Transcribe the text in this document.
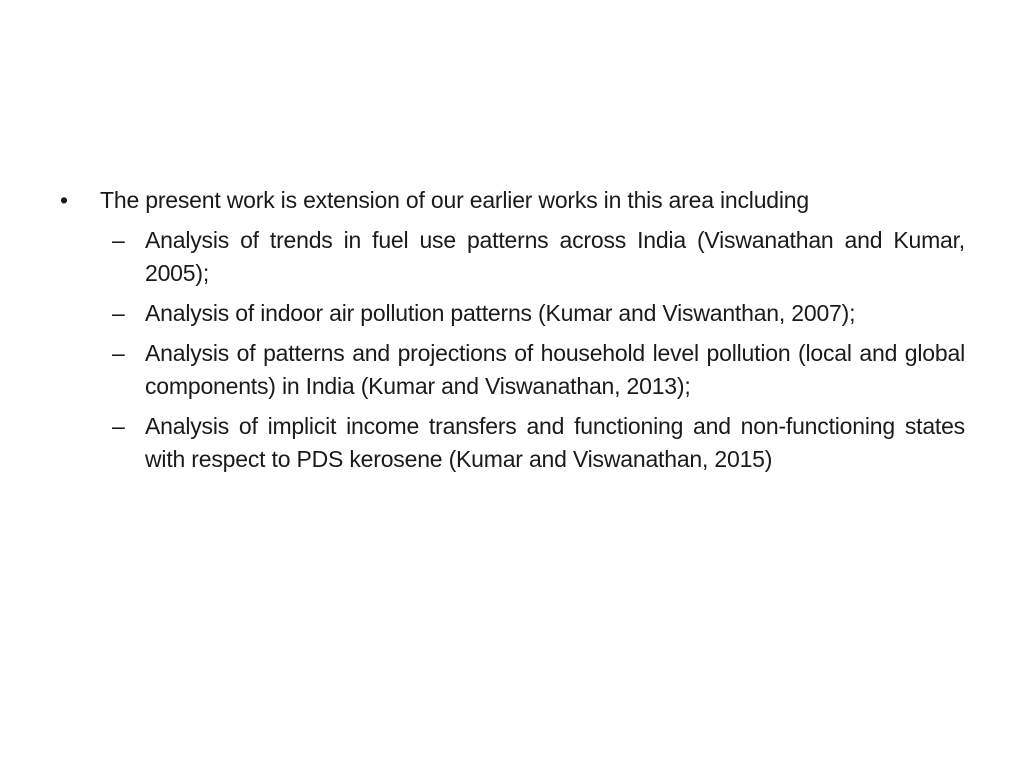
•	The present work is extension of our earlier works in this area including
– Analysis of trends in fuel use patterns across India (Viswanathan and Kumar, 2005);
– Analysis of indoor air pollution patterns (Kumar and Viswanthan, 2007);
– Analysis of patterns and projections of household level pollution (local and global components) in India (Kumar and Viswanathan, 2013);
– Analysis of implicit income transfers and functioning and non-functioning states with respect to PDS kerosene (Kumar and Viswanathan, 2015)
